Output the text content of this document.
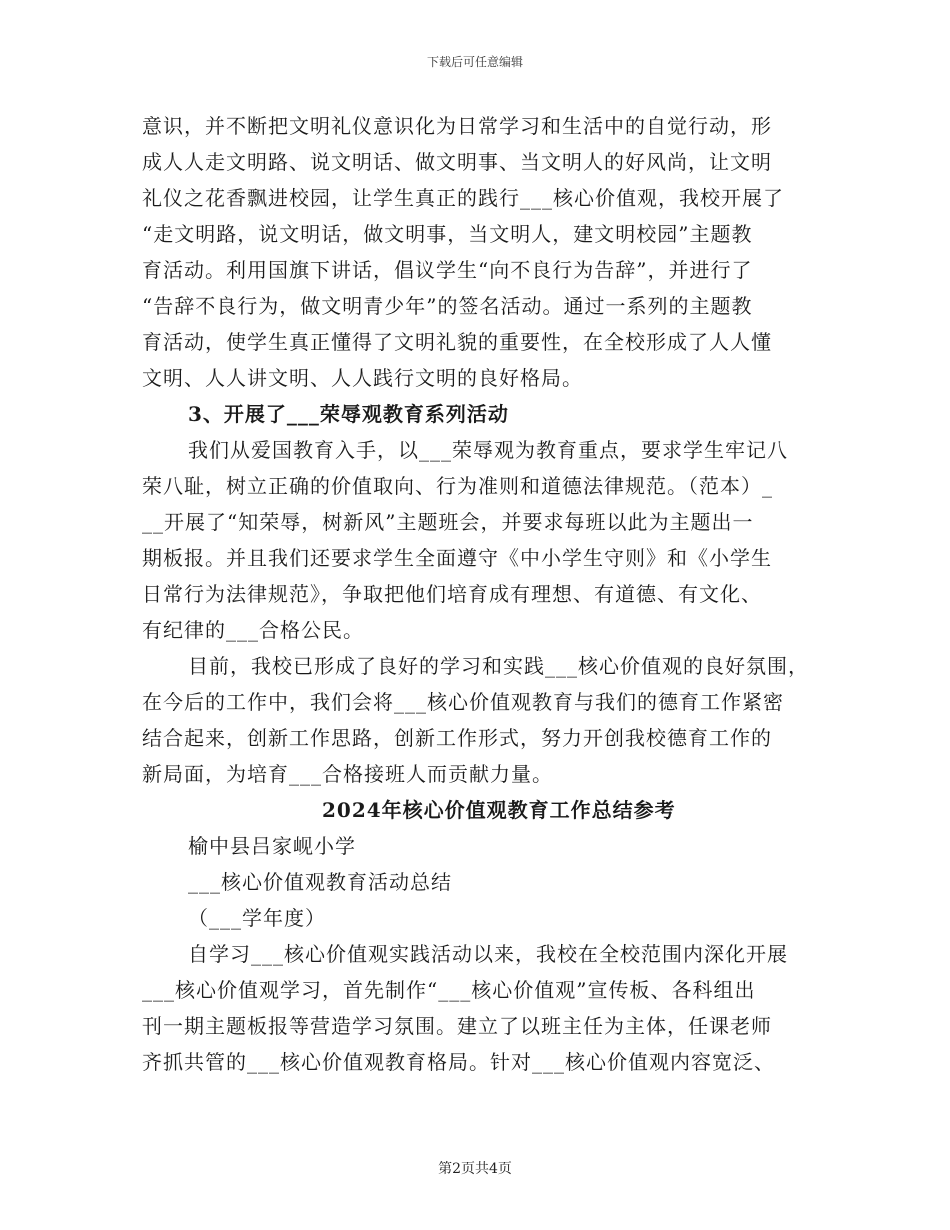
下载后可任意编辑
意识，并不断把文明礼仪意识化为日常学习和生活中的自觉行动，形
成人人走文明路、说文明话、做文明事、当文明人的好风尚，让文明
礼仪之花香飘进校园，让学生真正的践行___核心价值观，我校开展了
“走文明路，说文明话，做文明事，当文明人，建文明校园”主题教
育活动。利用国旗下讲话，倡议学生“向不良行为告辞”，并进行了
“告辞不良行为，做文明青少年”的签名活动。通过一系列的主题教
育活动，使学生真正懂得了文明礼貌的重要性，在全校形成了人人懂
文明、人人讲文明、人人践行文明的良好格局。
3、开展了___荣辱观教育系列活动
我们从爱国教育入手，以___荣辱观为教育重点，要求学生牢记八
荣八耻，树立正确的价值取向、行为准则和道德法律规范。（范本）_
__开展了“知荣辱，树新风”主题班会，并要求每班以此为主题出一
期板报。并且我们还要求学生全面遵守《中小学生守则》和《小学生
日常行为法律规范》，争取把他们培育成有理想、有道德、有文化、
有纪律的___合格公民。
目前，我校已形成了良好的学习和实践___核心价值观的良好氛围，
在今后的工作中，我们会将___核心价值观教育与我们的德育工作紧密
结合起来，创新工作思路，创新工作形式，努力开创我校德育工作的
新局面，为培育___合格接班人而贡献力量。
2024年核心价值观教育工作总结参考
榆中县吕家岘小学
___核心价值观教育活动总结
（___学年度）
自学习___核心价值观实践活动以来，我校在全校范围内深化开展
___核心价值观学习，首先制作“___核心价值观”宣传板、各科组出
刊一期主题板报等营造学习氛围。建立了以班主任为主体，任课老师
齐抓共管的___核心价值观教育格局。针对___核心价值观内容宽泛、
第2页共4页
